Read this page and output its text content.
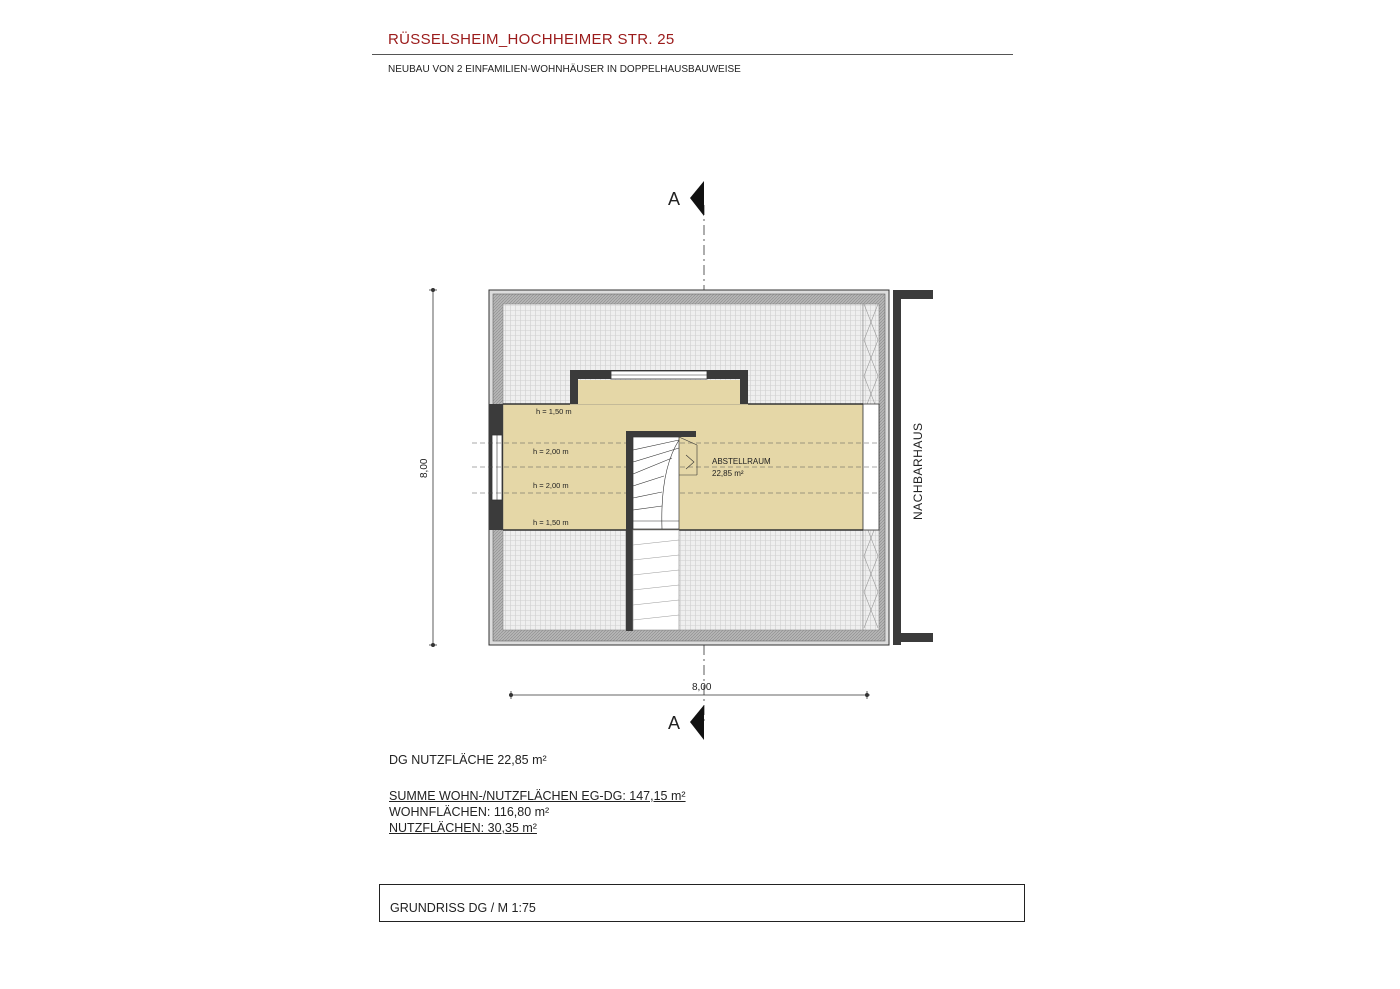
RÜSSELSHEIM_HOCHHEIMER STR. 25
NEUBAU VON 2 EINFAMILIEN-WOHNHÄUSER IN DOPPELHAUSBAUWEISE
A
A
h = 1,50 m
h = 2,00 m
h = 2,00 m
h = 1,50 m
ABSTELLRAUM
22,85 m²	NACHBARHAUS
8,00
8,00
DG NUTZFLÄCHE 22,85 m²
SUMME WOHN-/NUTZFLÄCHEN EG-DG: 147,15 m²
WOHNFLÄCHEN: 116,80 m²
NUTZFLÄCHEN: 30,35 m²
GRUNDRISS DG / M 1:75
